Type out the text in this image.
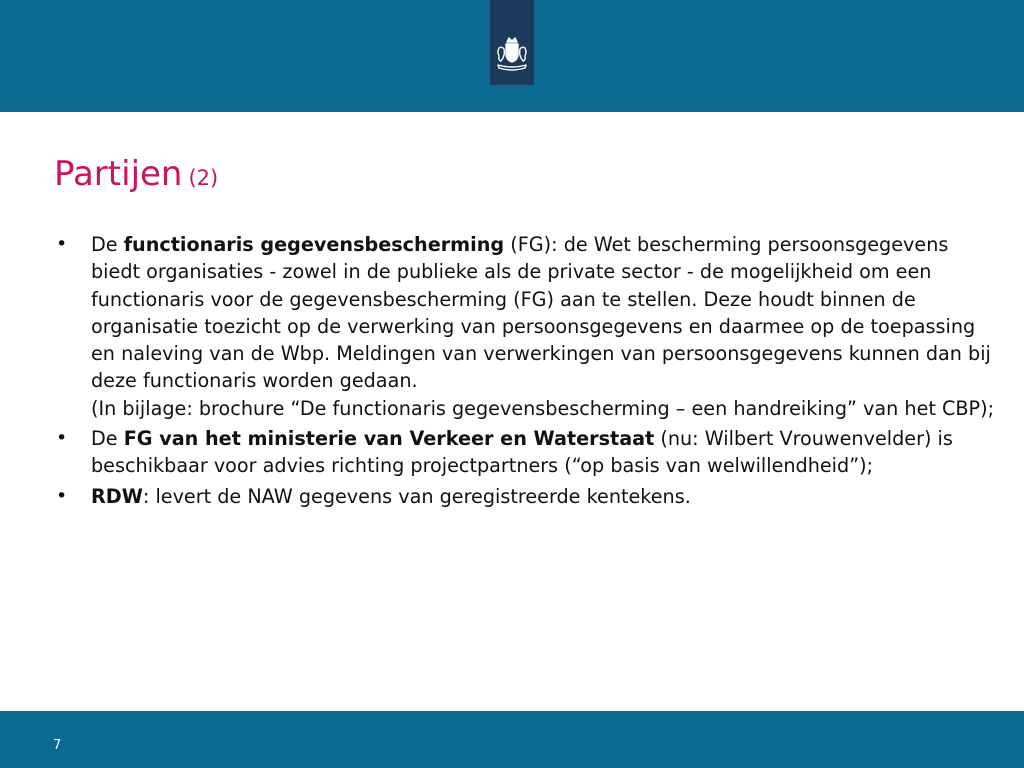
Partijen (2)
• De functionaris gegevensbescherming (FG): de Wet bescherming persoonsgegevens biedt organisaties - zowel in de publieke als de private sector - de mogelijkheid om een functionaris voor de gegevensbescherming (FG) aan te stellen. Deze houdt binnen de organisatie toezicht op de verwerking van persoonsgegevens en daarmee op de toepassing en naleving van de Wbp. Meldingen van verwerkingen van persoonsgegevens kunnen dan bij deze functionaris worden gedaan.
(In bijlage: brochure “De functionaris gegevensbescherming – een handreiking” van het CBP);
• De FG van het ministerie van Verkeer en Waterstaat (nu: Wilbert Vrouwenvelder) is beschikbaar voor advies richting projectpartners (“op basis van welwillendheid”);
• RDW: levert de NAW gegevens van geregistreerde kentekens.
7
